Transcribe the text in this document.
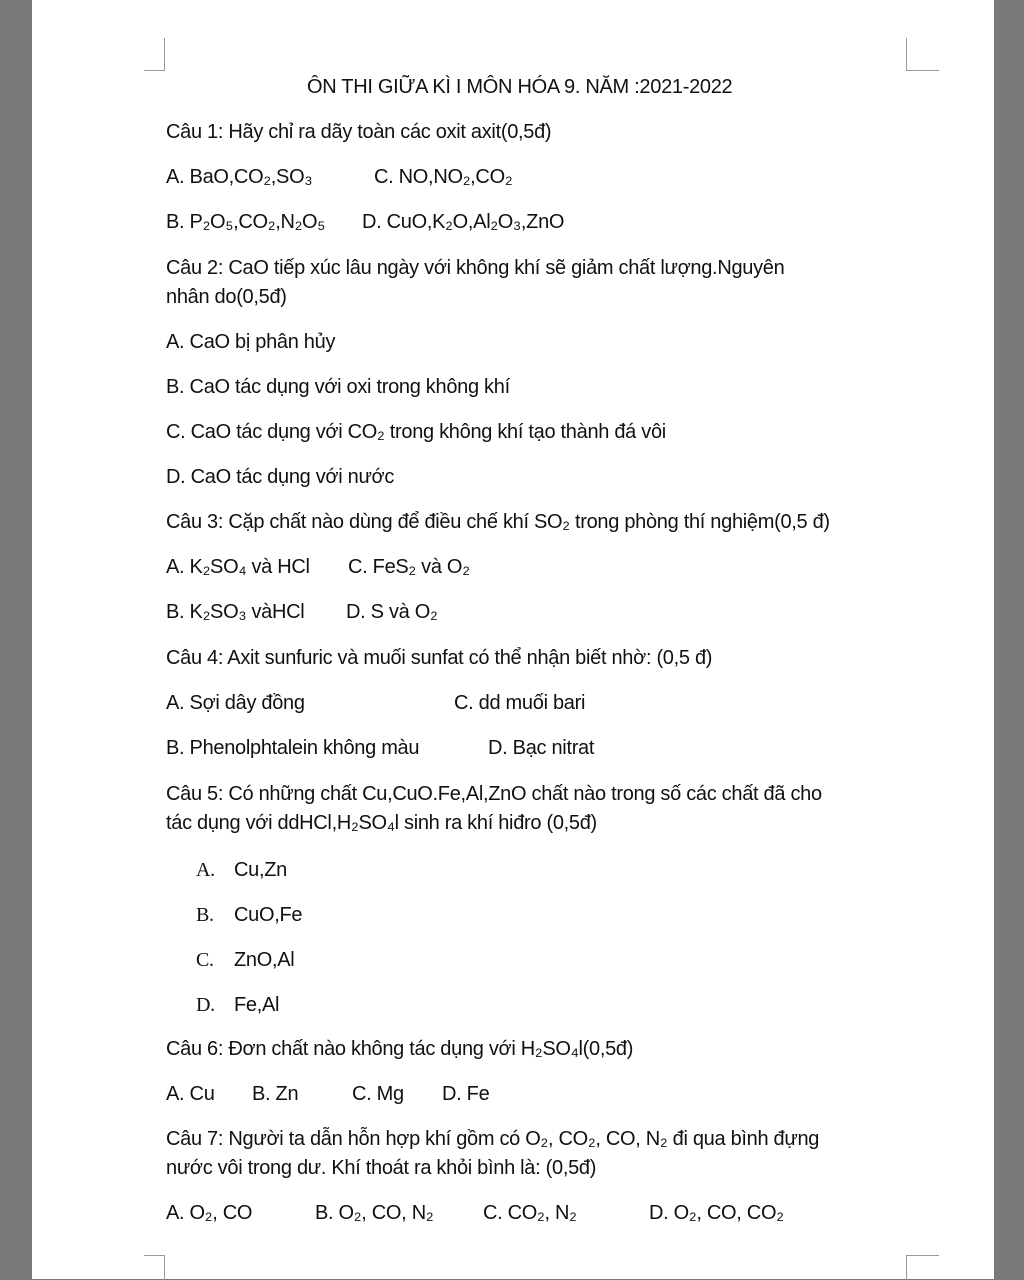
ÔN THI GIỮA KÌ I MÔN HÓA 9. NĂM :2021-2022
Câu 1: Hãy chỉ ra dãy toàn các oxit axit(0,5đ)
A. BaO,CO₂,SO₃	C. NO,NO₂,CO₂
B. P₂O₅,CO₂,N₂O₅ D. CuO,K₂O,Al₂O₃,ZnO
Câu 2: CaO tiếp xúc lâu ngày với không khí sẽ giảm chất lượng.Nguyên
nhân do(0,5đ)
A. CaO bị phân hủy
B. CaO tác dụng với oxi trong không khí
C. CaO tác dụng với CO₂ trong không khí tạo thành đá vôi
D. CaO tác dụng với nước
Câu 3: Cặp chất nào dùng để điều chế khí SO₂ trong phòng thí nghiệm(0,5 đ)
A. K₂SO₄ và HCl C. FeS₂ và O₂
B. K₂SO₃ vàHCl D. S và O₂
Câu 4: Axit sunfuric và muối sunfat có thể nhận biết nhờ: (0,5 đ)
A. Sợi dây đồng	C. dd muối bari
B. Phenolphtalein không màu	D. Bạc nitrat
Câu 5: Có những chất Cu,CuO.Fe,Al,ZnO chất nào trong số các chất đã cho
tác dụng với ddHCl,H₂SO₄l sinh ra khí hiđro (0,5đ)
A. Cu,Zn
B. CuO,Fe
C. ZnO,Al
D. Fe,Al
Câu 6: Đơn chất nào không tác dụng với H₂SO₄l(0,5đ)
A. Cu B. Zn	C. Mg D. Fe
Câu 7: Người ta dẫn hỗn hợp khí gồm có O₂, CO₂, CO, N₂ đi qua bình đựng
nước vôi trong dư. Khí thoát ra khỏi bình là: (0,5đ)
A. O₂, CO	B. O₂, CO, N₂ C. CO₂, N₂	D. O₂, CO, CO₂
